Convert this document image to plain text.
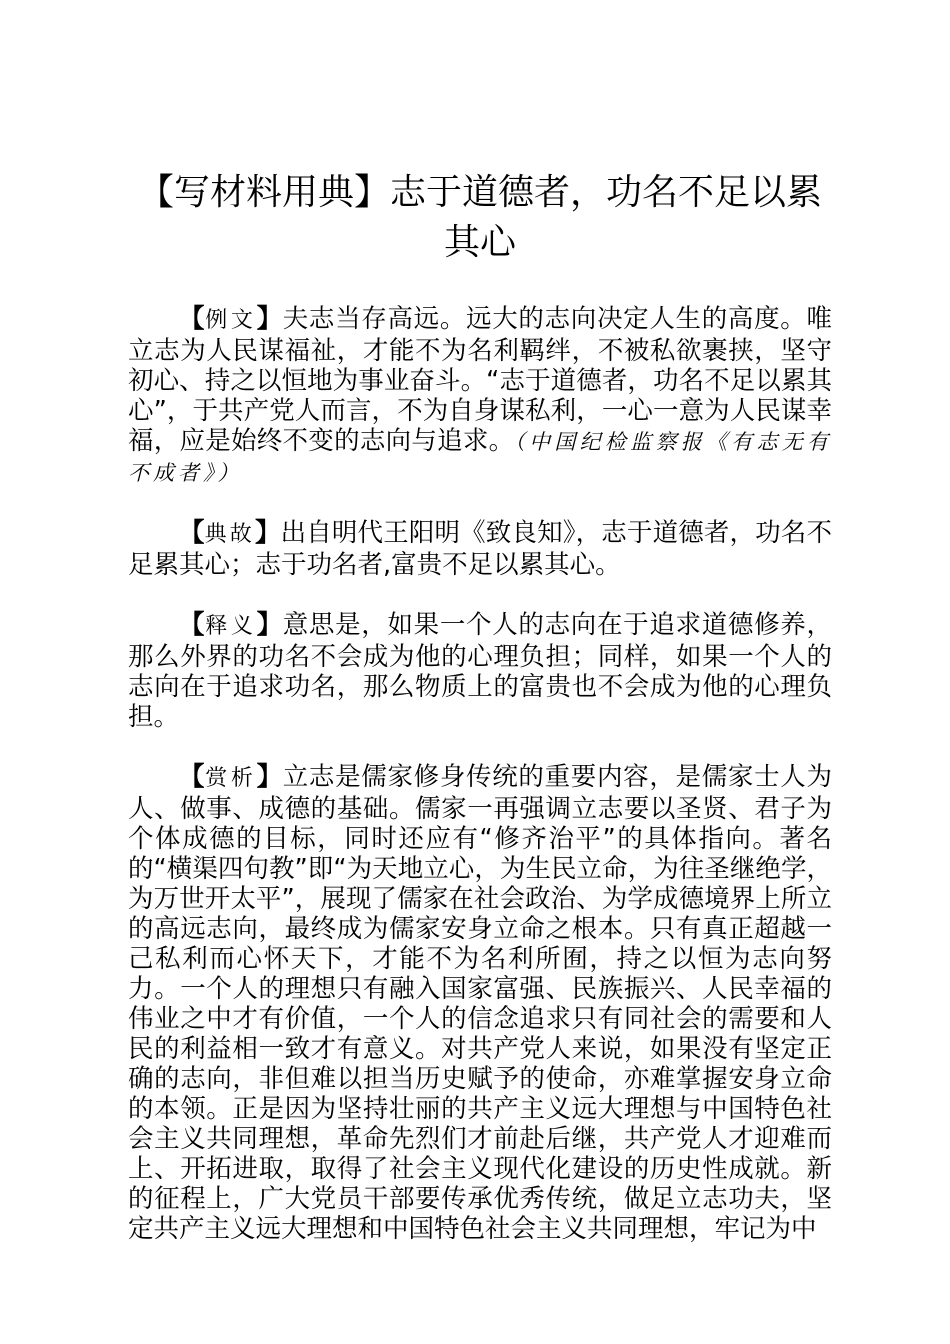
【写材料用典】志于道德者，功名不足以累其心

【例文】夫志当存高远。远大的志向决定人生的高度。唯立志为人民谋福祉，才能不为名利羁绊，不被私欲裹挟，坚守初心、持之以恒地为事业奋斗。“志于道德者，功名不足以累其心”，于共产党人而言，不为自身谋私利，一心一意为人民谋幸福，应是始终不变的志向与追求。（中国纪检监察报《有志无有不成者》）

【典故】出自明代王阳明《致良知》，志于道德者，功名不足累其心；志于功名者,富贵不足以累其心。

【释义】意思是，如果一个人的志向在于追求道德修养，那么外界的功名不会成为他的心理负担；同样，如果一个人的志向在于追求功名，那么物质上的富贵也不会成为他的心理负担。

【赏析】立志是儒家修身传统的重要内容，是儒家士人为人、做事、成德的基础。儒家一再强调立志要以圣贤、君子为个体成德的目标，同时还应有“修齐治平”的具体指向。著名的“横渠四句教”即“为天地立心，为生民立命，为往圣继绝学，为万世开太平”，展现了儒家在社会政治、为学成德境界上所立的高远志向，最终成为儒家安身立命之根本。只有真正超越一己私利而心怀天下，才能不为名利所囿，持之以恒为志向努力。一个人的理想只有融入国家富强、民族振兴、人民幸福的伟业之中才有价值，一个人的信念追求只有同社会的需要和人民的利益相一致才有意义。对共产党人来说，如果没有坚定正确的志向，非但难以担当历史赋予的使命，亦难掌握安身立命的本领。正是因为坚持壮丽的共产主义远大理想与中国特色社会主义共同理想，革命先烈们才前赴后继，共产党人才迎难而上、开拓进取，取得了社会主义现代化建设的历史性成就。新的征程上，广大党员干部要传承优秀传统，做足立志功夫，坚定共产主义远大理想和中国特色社会主义共同理想，牢记为中
